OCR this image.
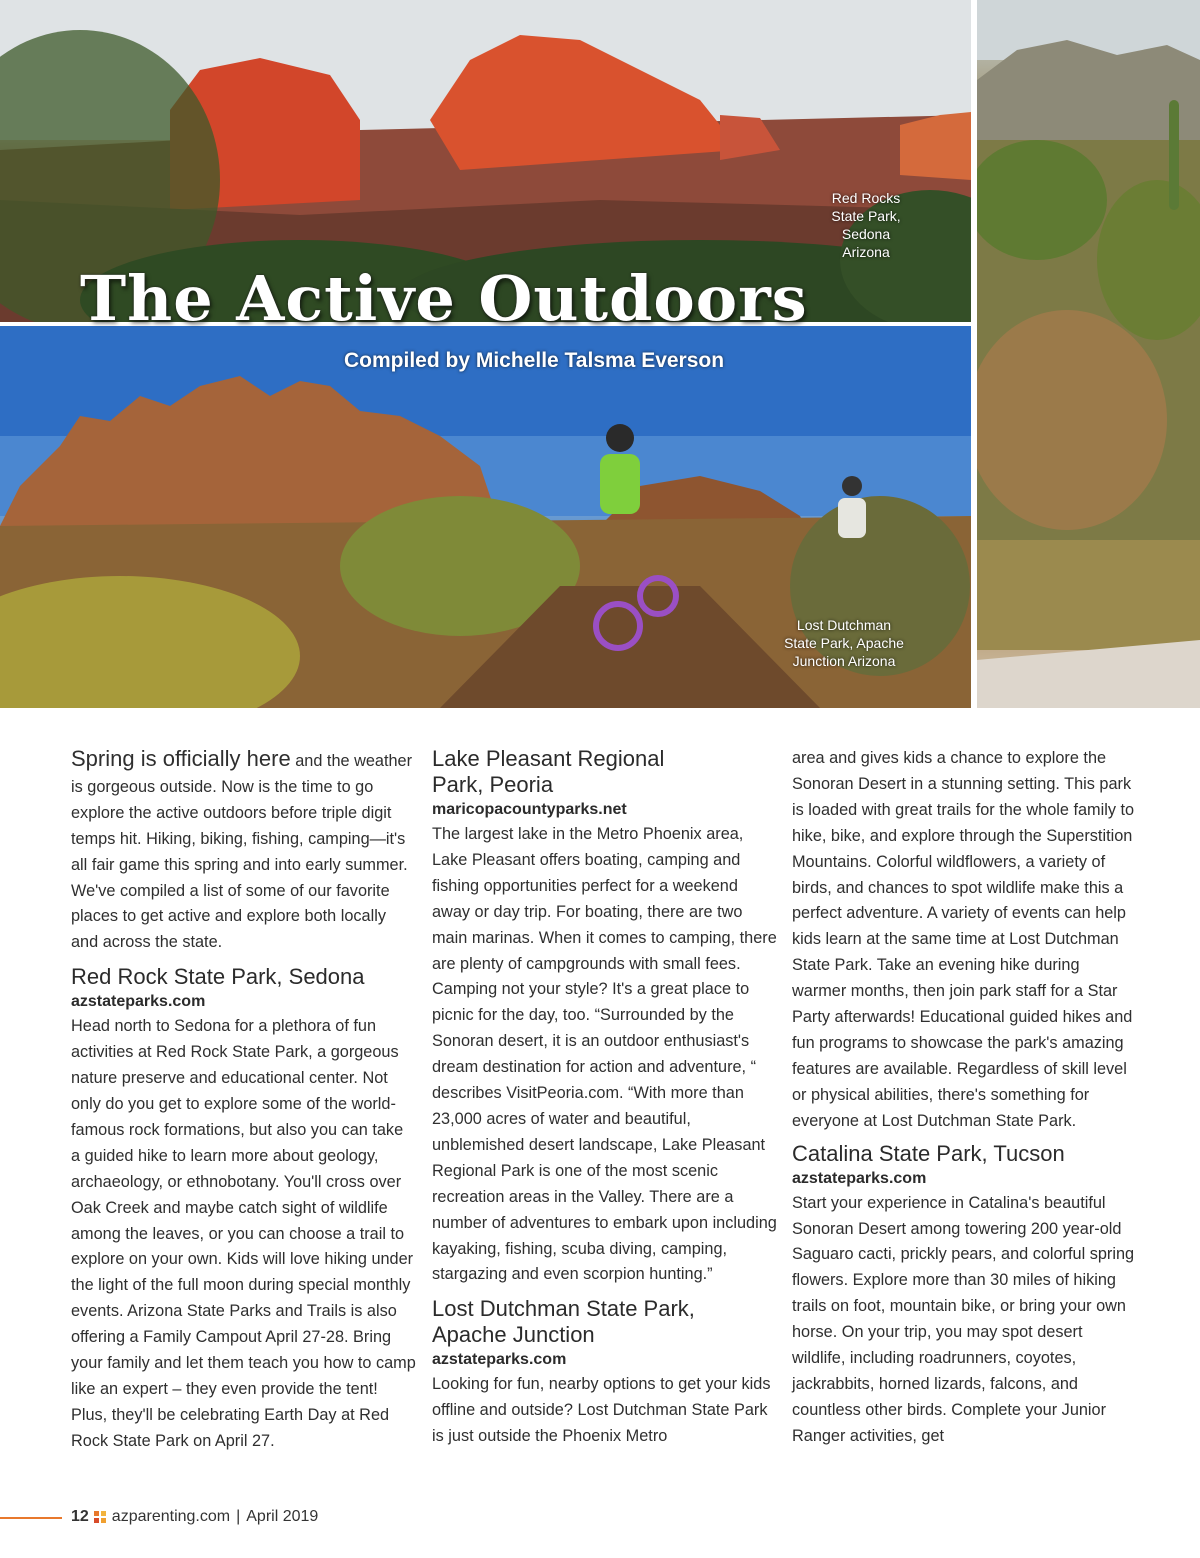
Red Rocks
State Park,
Sedona
Arizona
Lost Dutchman
State Park, Apache
Junction Arizona
The Active Outdoors
Compiled by Michelle Talsma Everson

Spring is officially here and the weather is gorgeous outside. Now is the time to go explore the active outdoors before triple digit temps hit. Hiking, biking, fishing, camping—it's all fair game this spring and into early summer. We've compiled a list of some of our favorite places to get active and explore both locally and across the state.

Red Rock State Park, Sedona
azstateparks.com

Head north to Sedona for a plethora of fun activities at Red Rock State Park, a gorgeous nature preserve and educational center. Not only do you get to explore some of the world-famous rock formations, but also you can take a guided hike to learn more about geology, archaeology, or ethnobotany. You'll cross over Oak Creek and maybe catch sight of wildlife among the leaves, or you can choose a trail to explore on your own. Kids will love hiking under the light of the full moon during special monthly events. Arizona State Parks and Trails is also offering a Family Campout April 27-28. Bring your family and let them teach you how to camp like an expert – they even provide the tent! Plus, they'll be celebrating Earth Day at Red Rock State Park on April 27.

Lake Pleasant Regional
Park, Peoria
maricopacountyparks.net

The largest lake in the Metro Phoenix area, Lake Pleasant offers boating, camping and fishing opportunities perfect for a weekend away or day trip. For boating, there are two main marinas. When it comes to camping, there are plenty of campgrounds with small fees. Camping not your style? It's a great place to picnic for the day, too. “Surrounded by the Sonoran desert, it is an outdoor enthusiast's dream destination for action and adventure, “ describes VisitPeoria.com. “With more than 23,000 acres of water and beautiful, unblemished desert landscape, Lake Pleasant Regional Park is one of the most scenic recreation areas in the Valley. There are a number of adventures to embark upon including kayaking, fishing, scuba diving, camping, stargazing and even scorpion hunting.”

Lost Dutchman State Park,
Apache Junction
azstateparks.com

Looking for fun, nearby options to get your kids offline and outside? Lost Dutchman State Park is just outside the Phoenix Metro

area and gives kids a chance to explore the Sonoran Desert in a stunning setting. This park is loaded with great trails for the whole family to hike, bike, and explore through the Superstition Mountains. Colorful wildflowers, a variety of birds, and chances to spot wildlife make this a perfect adventure. A variety of events can help kids learn at the same time at Lost Dutchman State Park. Take an evening hike during warmer months, then join park staff for a Star Party afterwards! Educational guided hikes and fun programs to showcase the park's amazing features are available. Regardless of skill level or physical abilities, there's something for everyone at Lost Dutchman State Park.

Catalina State Park, Tucson
azstateparks.com

Start your experience in Catalina's beautiful Sonoran Desert among towering 200 year-old Saguaro cacti, prickly pears, and colorful spring flowers. Explore more than 30 miles of hiking trails on foot, mountain bike, or bring your own horse. On your trip, you may spot desert wildlife, including roadrunners, coyotes, jackrabbits, horned lizards, falcons, and countless other birds. Complete your Junior Ranger activities, get

12 azparenting.com | April 2019
